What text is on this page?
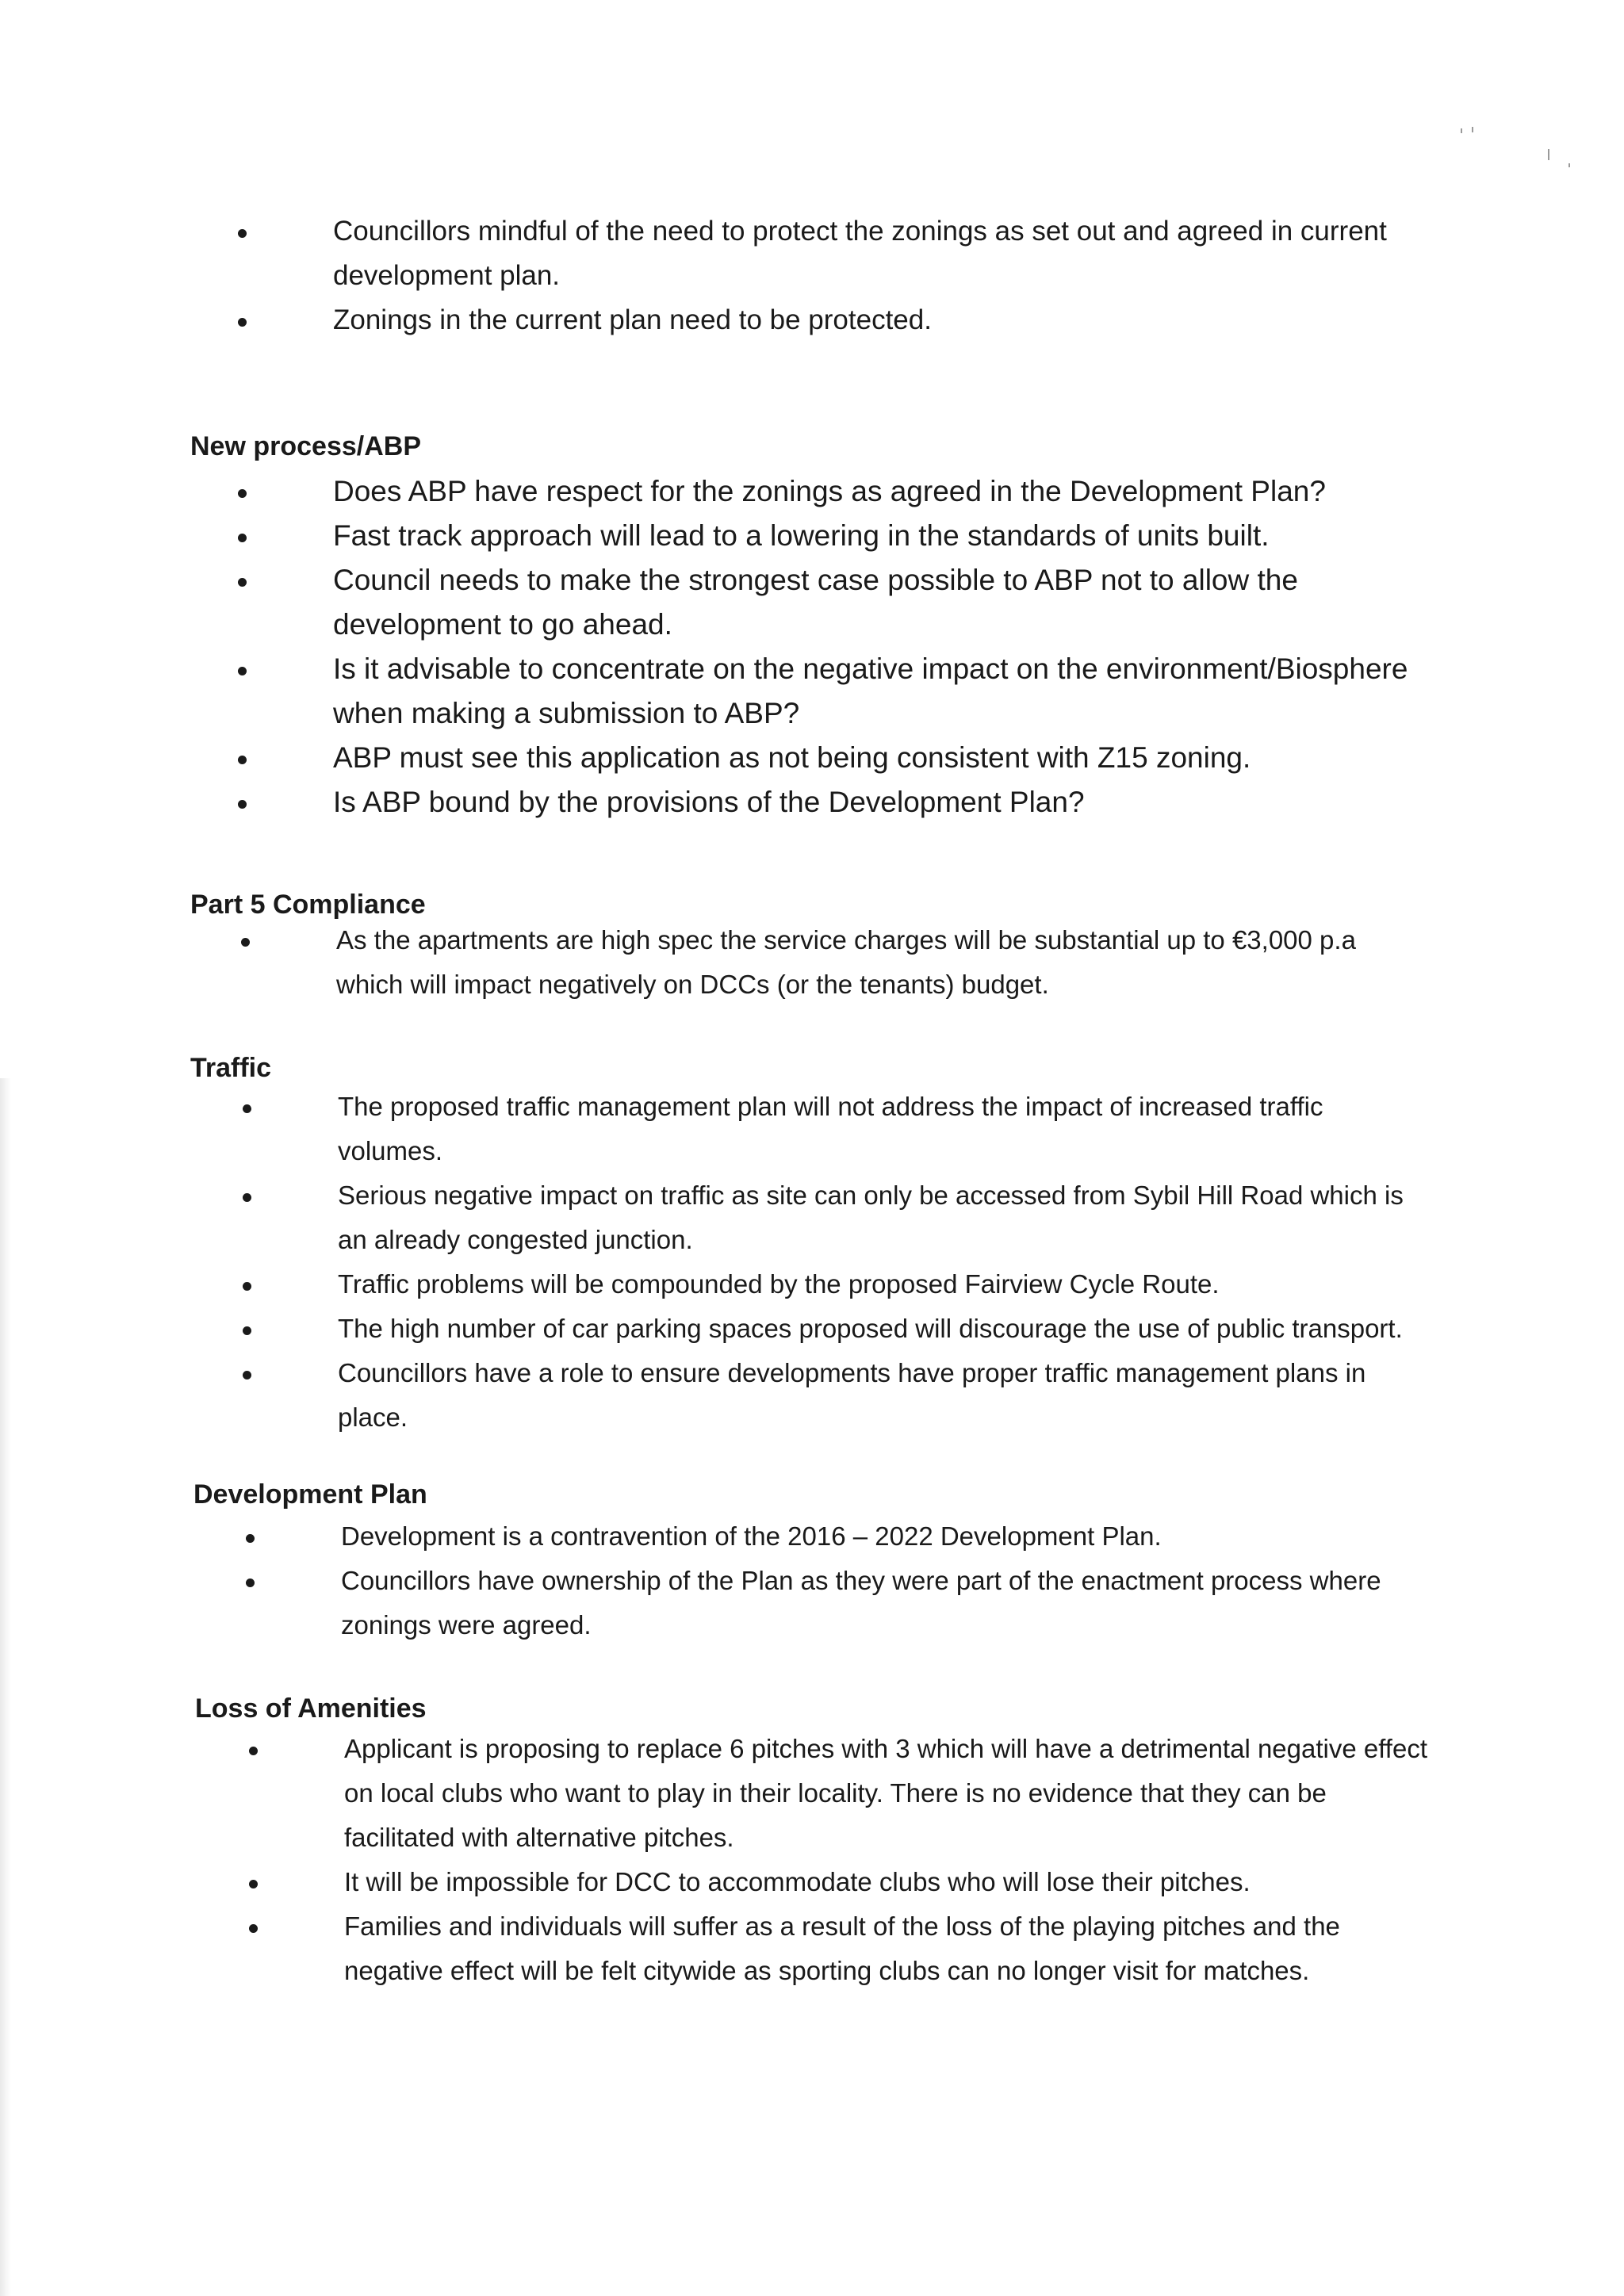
Councillors mindful of the need to protect the zonings as set out and agreed in current development plan.
Zonings in the current plan need to be protected.
New process/ABP
Does ABP have respect for the zonings as agreed in the Development Plan?
Fast track approach will lead to a lowering in the standards of units built.
Council needs to make the strongest case possible to ABP not to allow the development to go ahead.
Is it advisable to concentrate on the negative impact on the environment/Biosphere when making a submission to ABP?
ABP must see this application as not being consistent with Z15 zoning.
Is ABP bound by the provisions of the Development Plan?
Part 5 Compliance
As the apartments are high spec the service charges will be substantial up to €3,000 p.a which will impact negatively on DCCs (or the tenants) budget.
Traffic
The proposed traffic management plan will not address the impact of increased traffic volumes.
Serious negative impact on traffic as site can only be accessed from Sybil Hill Road which is an already congested junction.
Traffic problems will be compounded by the proposed Fairview Cycle Route.
The high number of car parking spaces proposed will discourage the use of public transport.
Councillors have a role to ensure developments have proper traffic management plans in place.
Development Plan
Development is a contravention of the 2016 – 2022 Development Plan.
Councillors have ownership of the Plan as they were part of the enactment process where zonings were agreed.
Loss of Amenities
Applicant is proposing to replace 6 pitches with 3 which will have a detrimental negative effect on local clubs who want to play in their locality. There is no evidence that they can be facilitated with alternative pitches.
It will be impossible for DCC to accommodate clubs who will lose their pitches.
Families and individuals will suffer as a result of the loss of the playing pitches and the negative effect will be felt citywide as sporting clubs can no longer visit for matches.
